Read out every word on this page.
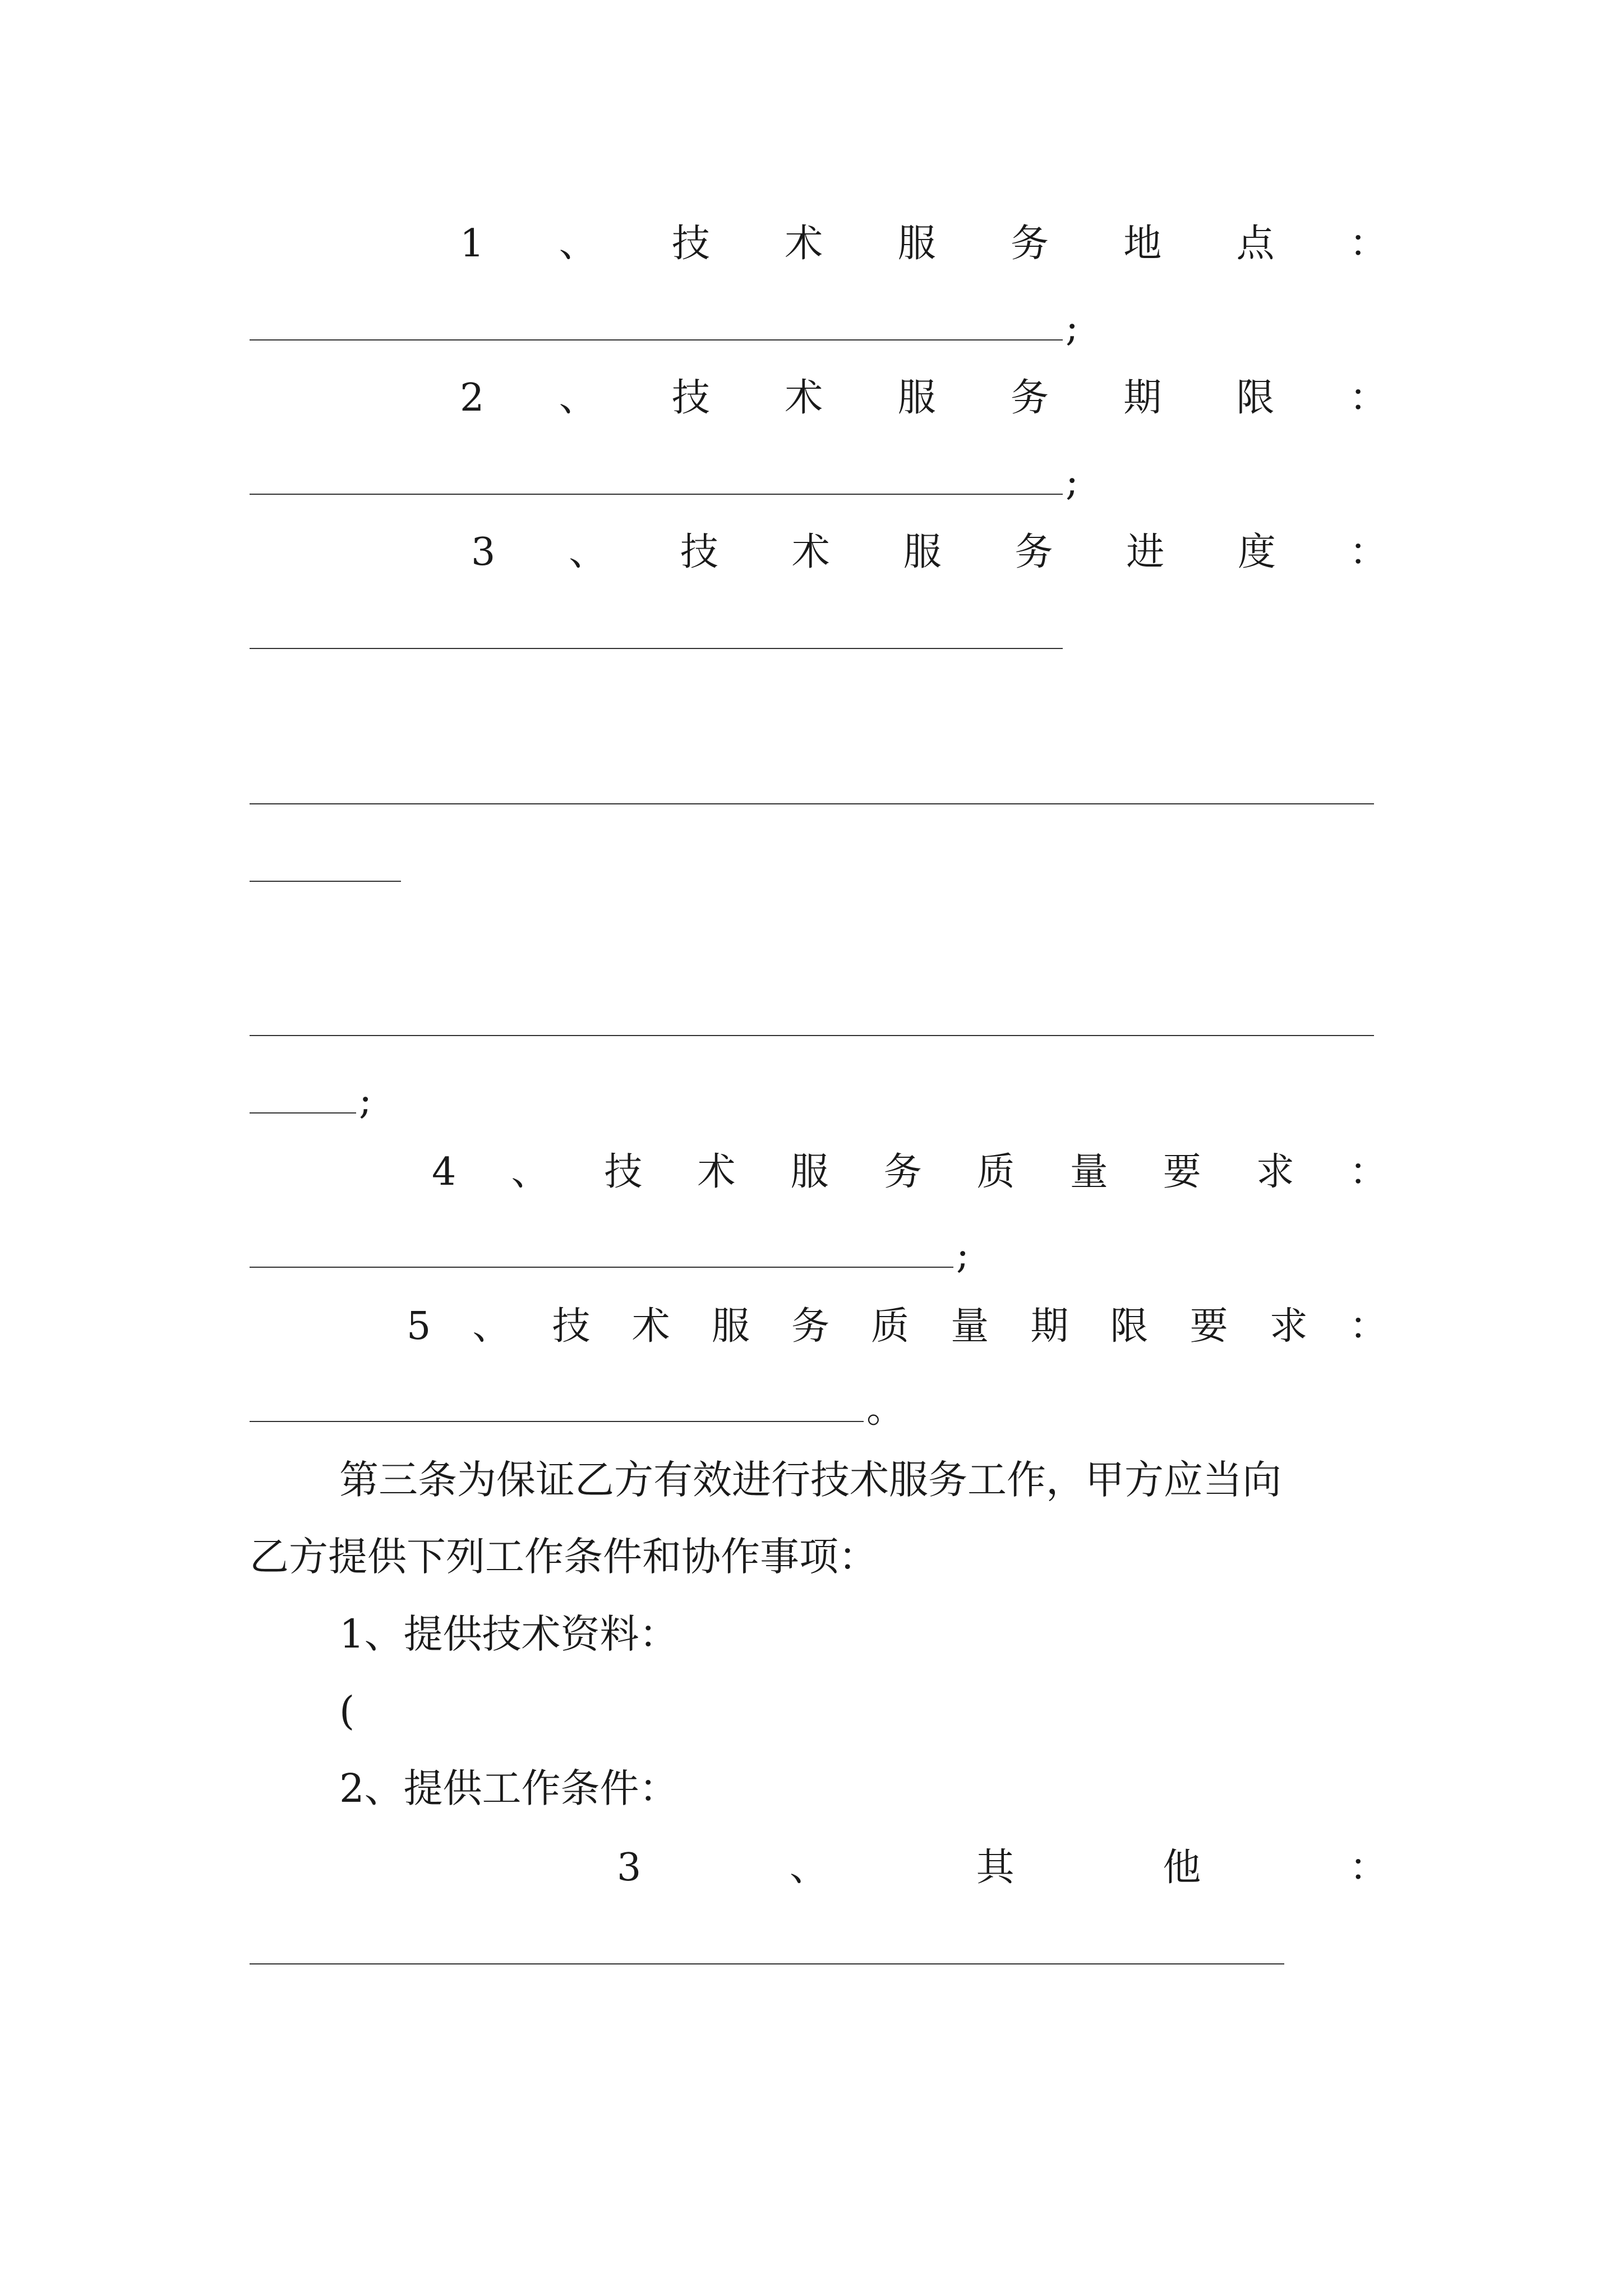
1 、 技 术 服 务 地 点 ：
;
2 、 技 术 服 务 期 限 ：
;
3 、 技 术 服 务 进 度 ：
;
4 、 技 术 服 务 质 量 要 求 ：
;
5 、 技 术 服 务 质 量 期 限 要 求 ：
。
第三条为保证乙方有效进行技术服务工作，甲方应当向
乙方提供下列工作条件和协作事项：
1、提供技术资料：
(
2、提供工作条件：
3	、	其	他	：
